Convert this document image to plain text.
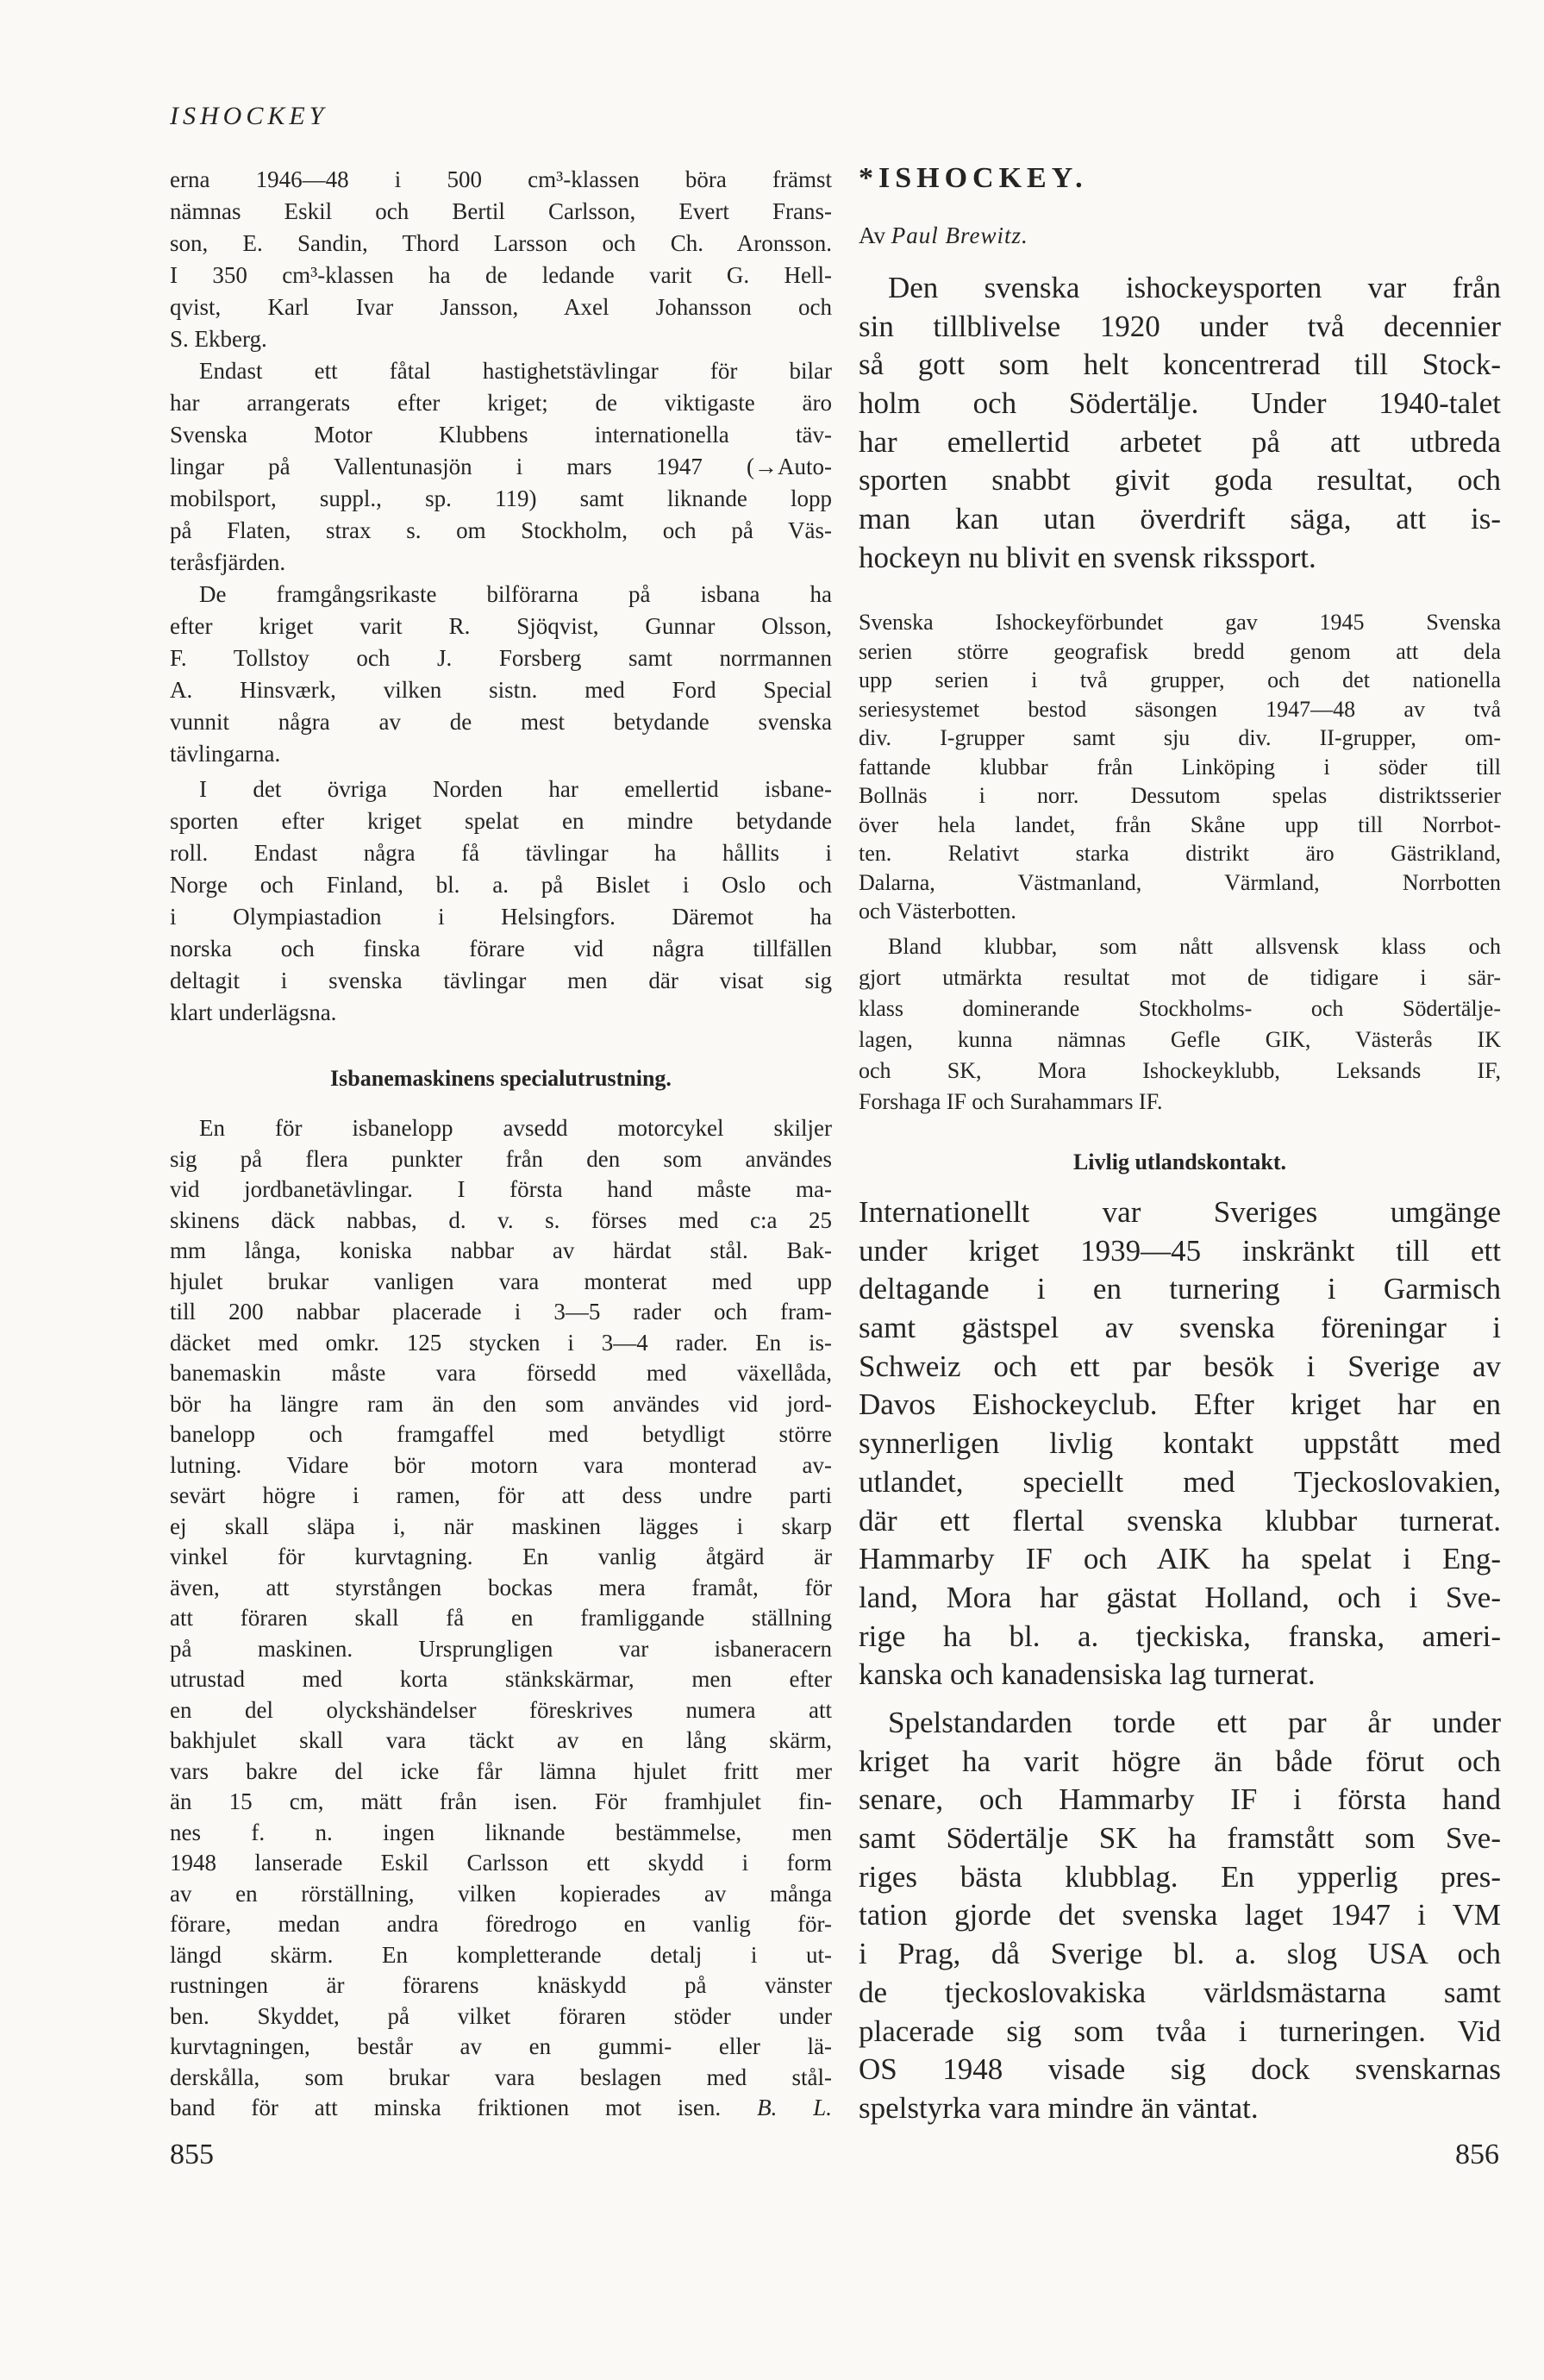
ISHOCKEY
erna 1946—48 i 500 cm³-klassen böra främst
nämnas Eskil och Bertil Carlsson, Evert Frans-
son, E. Sandin, Thord Larsson och Ch. Aronsson.
I 350 cm³-klassen ha de ledande varit G. Hell-
qvist, Karl Ivar Jansson, Axel Johansson och
S. Ekberg.
Endast ett fåtal hastighetstävlingar för bilar
har arrangerats efter kriget; de viktigaste äro
Svenska Motor Klubbens internationella täv-
lingar på Vallentunasjön i mars 1947 (→Auto-
mobilsport, suppl., sp. 119) samt liknande lopp
på Flaten, strax s. om Stockholm, och på Väs-
teråsfjärden.
De framgångsrikaste bilförarna på isbana ha
efter kriget varit R. Sjöqvist, Gunnar Olsson,
F. Tollstoy och J. Forsberg samt norrmannen
A. Hinsværk, vilken sistn. med Ford Special
vunnit några av de mest betydande svenska
tävlingarna.
I det övriga Norden har emellertid isbane-
sporten efter kriget spelat en mindre betydande
roll. Endast några få tävlingar ha hållits i
Norge och Finland, bl. a. på Bislet i Oslo och
i Olympiastadion i Helsingfors. Däremot ha
norska och finska förare vid några tillfällen
deltagit i svenska tävlingar men där visat sig
klart underlägsna.
Isbanemaskinens specialutrustning.
En för isbanelopp avsedd motorcykel skiljer
sig på flera punkter från den som användes
vid jordbanetävlingar. I första hand måste ma-
skinens däck nabbas, d. v. s. förses med c:a 25
mm långa, koniska nabbar av härdat stål. Bak-
hjulet brukar vanligen vara monterat med upp
till 200 nabbar placerade i 3—5 rader och fram-
däcket med omkr. 125 stycken i 3—4 rader. En is-
banemaskin måste vara försedd med växellåda,
bör ha längre ram än den som användes vid jord-
banelopp och framgaffel med betydligt större
lutning. Vidare bör motorn vara monterad av-
sevärt högre i ramen, för att dess undre parti
ej skall släpa i, när maskinen lägges i skarp
vinkel för kurvtagning. En vanlig åtgärd är
även, att styrstången bockas mera framåt, för
att föraren skall få en framliggande ställning
på maskinen. Ursprungligen var isbaneracern
utrustad med korta stänkskärmar, men efter
en del olyckshändelser föreskrives numera att
bakhjulet skall vara täckt av en lång skärm,
vars bakre del icke får lämna hjulet fritt mer
än 15 cm, mätt från isen. För framhjulet fin-
nes f. n. ingen liknande bestämmelse, men
1948 lanserade Eskil Carlsson ett skydd i form
av en rörställning, vilken kopierades av många
förare, medan andra föredrogo en vanlig för-
längd skärm. En kompletterande detalj i ut-
rustningen är förarens knäskydd på vänster
ben. Skyddet, på vilket föraren stöder under
kurvtagningen, består av en gummi- eller lä-
derskålla, som brukar vara beslagen med stål-
band för att minska friktionen mot isen. B. L.
855
*ISHOCKEY.
Av Paul Brewitz.
Den svenska ishockeysporten var från
sin tillblivelse 1920 under två decennier
så gott som helt koncentrerad till Stock-
holm och Södertälje. Under 1940-talet
har emellertid arbetet på att utbreda
sporten snabbt givit goda resultat, och
man kan utan överdrift säga, att is-
hockeyn nu blivit en svensk rikssport.
Svenska Ishockeyförbundet gav 1945 Svenska
serien större geografisk bredd genom att dela
upp serien i två grupper, och det nationella
seriesystemet bestod säsongen 1947—48 av två
div. I-grupper samt sju div. II-grupper, om-
fattande klubbar från Linköping i söder till
Bollnäs i norr. Dessutom spelas distriktsserier
över hela landet, från Skåne upp till Norrbot-
ten. Relativt starka distrikt äro Gästrikland,
Dalarna, Västmanland, Värmland, Norrbotten
och Västerbotten.
Bland klubbar, som nått allsvensk klass och
gjort utmärkta resultat mot de tidigare i sär-
klass dominerande Stockholms- och Södertälje-
lagen, kunna nämnas Gefle GIK, Västerås IK
och SK, Mora Ishockeyklubb, Leksands IF,
Forshaga IF och Surahammars IF.
Livlig utlandskontakt.
Internationellt var Sveriges umgänge
under kriget 1939—45 inskränkt till ett
deltagande i en turnering i Garmisch
samt gästspel av svenska föreningar i
Schweiz och ett par besök i Sverige av
Davos Eishockeyclub. Efter kriget har en
synnerligen livlig kontakt uppstått med
utlandet, speciellt med Tjeckoslovakien,
där ett flertal svenska klubbar turnerat.
Hammarby IF och AIK ha spelat i Eng-
land, Mora har gästat Holland, och i Sve-
rige ha bl. a. tjeckiska, franska, ameri-
kanska och kanadensiska lag turnerat.
Spelstandarden torde ett par år under
kriget ha varit högre än både förut och
senare, och Hammarby IF i första hand
samt Södertälje SK ha framstått som Sve-
riges bästa klubblag. En ypperlig pres-
tation gjorde det svenska laget 1947 i VM
i Prag, då Sverige bl. a. slog USA och
de tjeckoslovakiska världsmästarna samt
placerade sig som tvåa i turneringen. Vid
OS 1948 visade sig dock svenskarnas
spelstyrka vara mindre än väntat.
856
